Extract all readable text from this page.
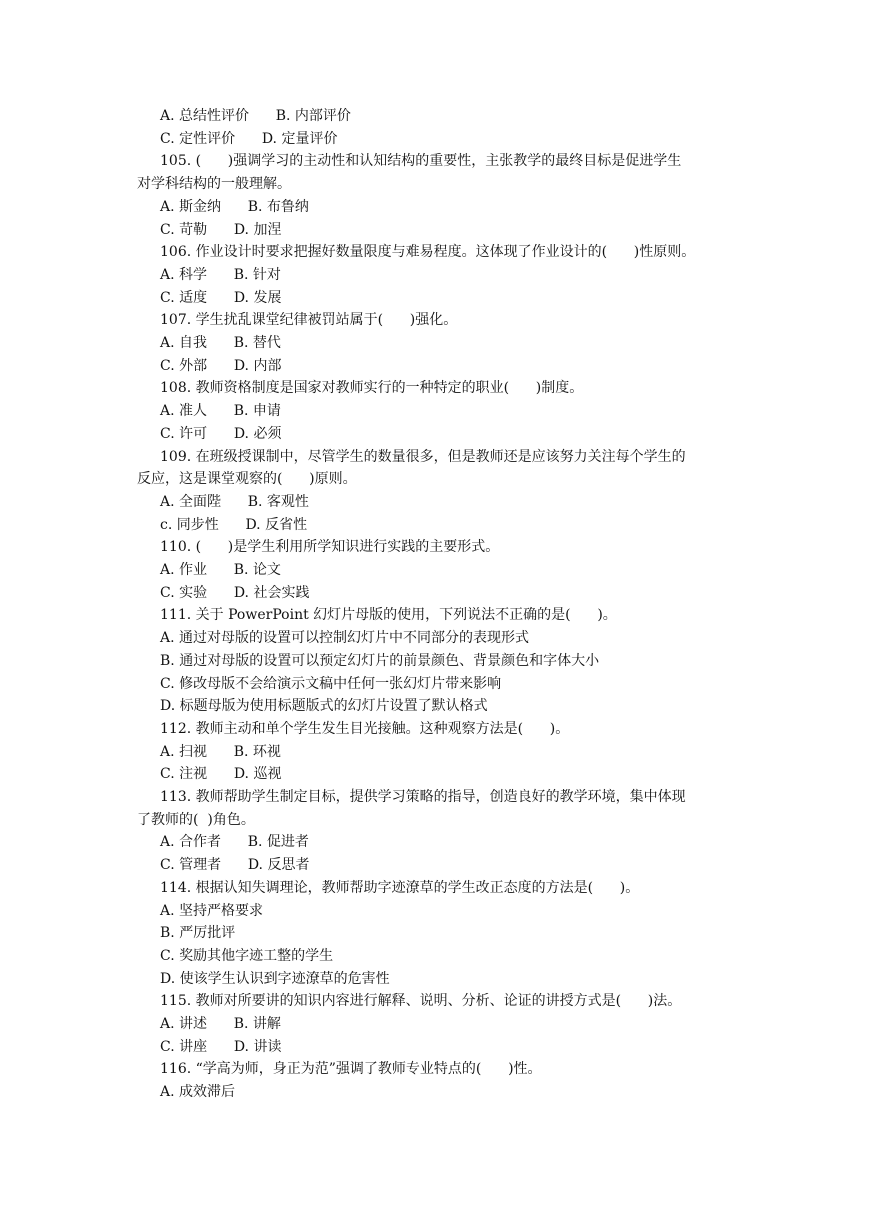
A. 总结性评价      B. 内部评价
C. 定性评价      D. 定量评价
105. (      )强调学习的主动性和认知结构的重要性，主张教学的最终目标是促进学生
对学科结构的一般理解。
A. 斯金纳      B. 布鲁纳
C. 苛勒      D. 加涅
106. 作业设计时要求把握好数量限度与难易程度。这体现了作业设计的(      )性原则。
A. 科学      B. 针对
C. 适度      D. 发展
107. 学生扰乱课堂纪律被罚站属于(      )强化。
A. 自我      B. 替代
C. 外部      D. 内部
108. 教师资格制度是国家对教师实行的一种特定的职业(      )制度。
A. 准人      B. 申请
C. 许可      D. 必须
109. 在班级授课制中，尽管学生的数量很多，但是教师还是应该努力关注每个学生的
反应，这是课堂观察的(      )原则。
A. 全面陛      B. 客观性
c. 同步性      D. 反省性
110. (      )是学生利用所学知识进行实践的主要形式。
A. 作业      B. 论文
C. 实验      D. 社会实践
111. 关于 PowerPoint 幻灯片母版的使用，下列说法不正确的是(      )。
A. 通过对母版的设置可以控制幻灯片中不同部分的表现形式
B. 通过对母版的设置可以预定幻灯片的前景颜色、背景颜色和字体大小
C. 修改母版不会给演示文稿中任何一张幻灯片带来影响
D. 标题母版为使用标题版式的幻灯片设置了默认格式
112. 教师主动和单个学生发生目光接触。这种观察方法是(      )。
A. 扫视      B. 环视
C. 注视      D. 巡视
113. 教师帮助学生制定目标，提供学习策略的指导，创造良好的教学环境，集中体现
了教师的(  )角色。
A. 合作者      B. 促进者
C. 管理者      D. 反思者
114. 根据认知失调理论，教师帮助字迹潦草的学生改正态度的方法是(      )。
A. 坚持严格要求
B. 严厉批评
C. 奖励其他字迹工整的学生
D. 使该学生认识到字迹潦草的危害性
115. 教师对所要讲的知识内容进行解释、说明、分析、论证的讲授方式是(      )法。
A. 讲述      B. 讲解
C. 讲座      D. 讲读
116. “学高为师，身正为范”强调了教师专业特点的(      )性。
A. 成效滞后
